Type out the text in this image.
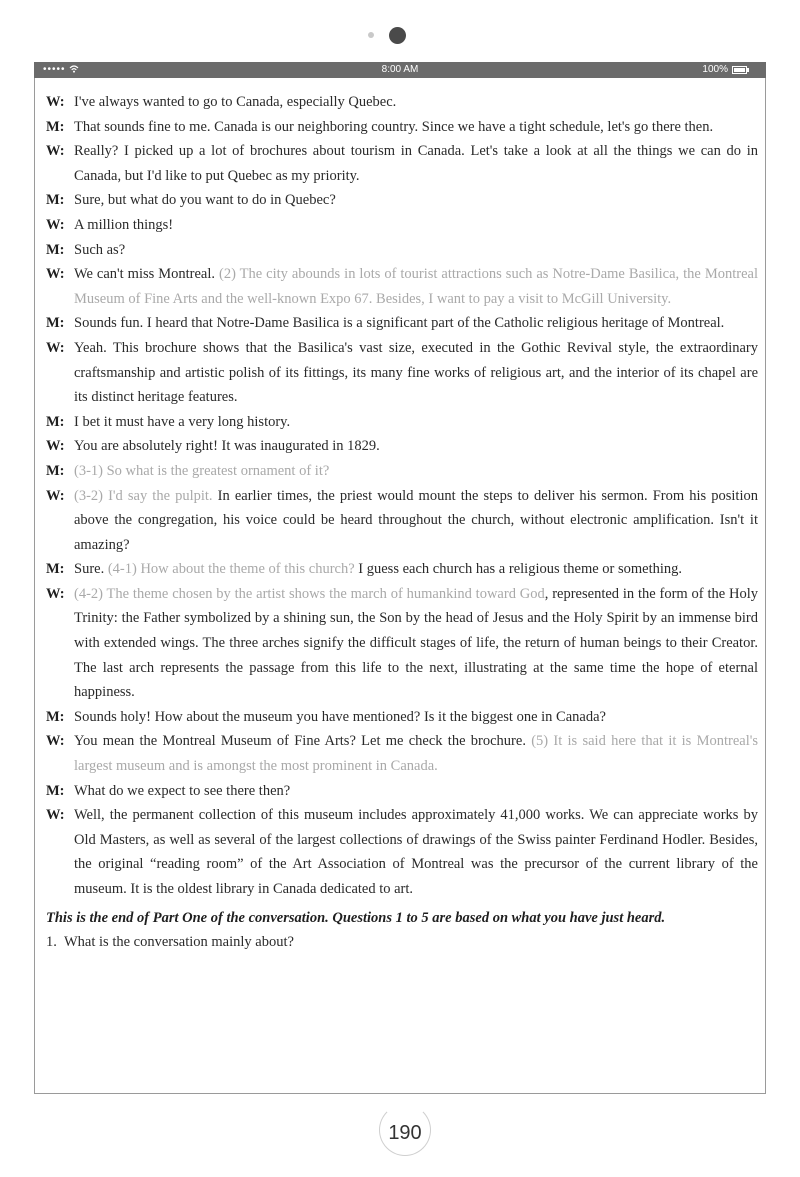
•••••	8:00 AM	100%
W: I've always wanted to go to Canada, especially Quebec.
M: That sounds fine to me. Canada is our neighboring country. Since we have a tight schedule, let's go there then.
W: Really? I picked up a lot of brochures about tourism in Canada. Let's take a look at all the things we can do in Canada, but I'd like to put Quebec as my priority.
M: Sure, but what do you want to do in Quebec?
W: A million things!
M: Such as?
W: We can't miss Montreal. (2) The city abounds in lots of tourist attractions such as Notre-Dame Basilica, the Montreal Museum of Fine Arts and the well-known Expo 67. Besides, I want to pay a visit to McGill University.
M: Sounds fun. I heard that Notre-Dame Basilica is a significant part of the Catholic religious heritage of Montreal.
W: Yeah. This brochure shows that the Basilica's vast size, executed in the Gothic Revival style, the extraordinary craftsmanship and artistic polish of its fittings, its many fine works of religious art, and the interior of its chapel are its distinct heritage features.
M: I bet it must have a very long history.
W: You are absolutely right! It was inaugurated in 1829.
M: (3-1) So what is the greatest ornament of it?
W: (3-2) I'd say the pulpit. In earlier times, the priest would mount the steps to deliver his sermon. From his position above the congregation, his voice could be heard throughout the church, without electronic amplification. Isn't it amazing?
M: Sure. (4-1) How about the theme of this church? I guess each church has a religious theme or something.
W: (4-2) The theme chosen by the artist shows the march of humankind toward God, represented in the form of the Holy Trinity: the Father symbolized by a shining sun, the Son by the head of Jesus and the Holy Spirit by an immense bird with extended wings. The three arches signify the difficult stages of life, the return of human beings to their Creator. The last arch represents the passage from this life to the next, illustrating at the same time the hope of eternal happiness.
M: Sounds holy! How about the museum you have mentioned? Is it the biggest one in Canada?
W: You mean the Montreal Museum of Fine Arts? Let me check the brochure. (5) It is said here that it is Montreal's largest museum and is amongst the most prominent in Canada.
M: What do we expect to see there then?
W: Well, the permanent collection of this museum includes approximately 41,000 works. We can appreciate works by Old Masters, as well as several of the largest collections of drawings of the Swiss painter Ferdinand Hodler. Besides, the original “reading room” of the Art Association of Montreal was the precursor of the current library of the museum. It is the oldest library in Canada dedicated to art.
This is the end of Part One of the conversation. Questions 1 to 5 are based on what you have just heard.
1. What is the conversation mainly about?
190
